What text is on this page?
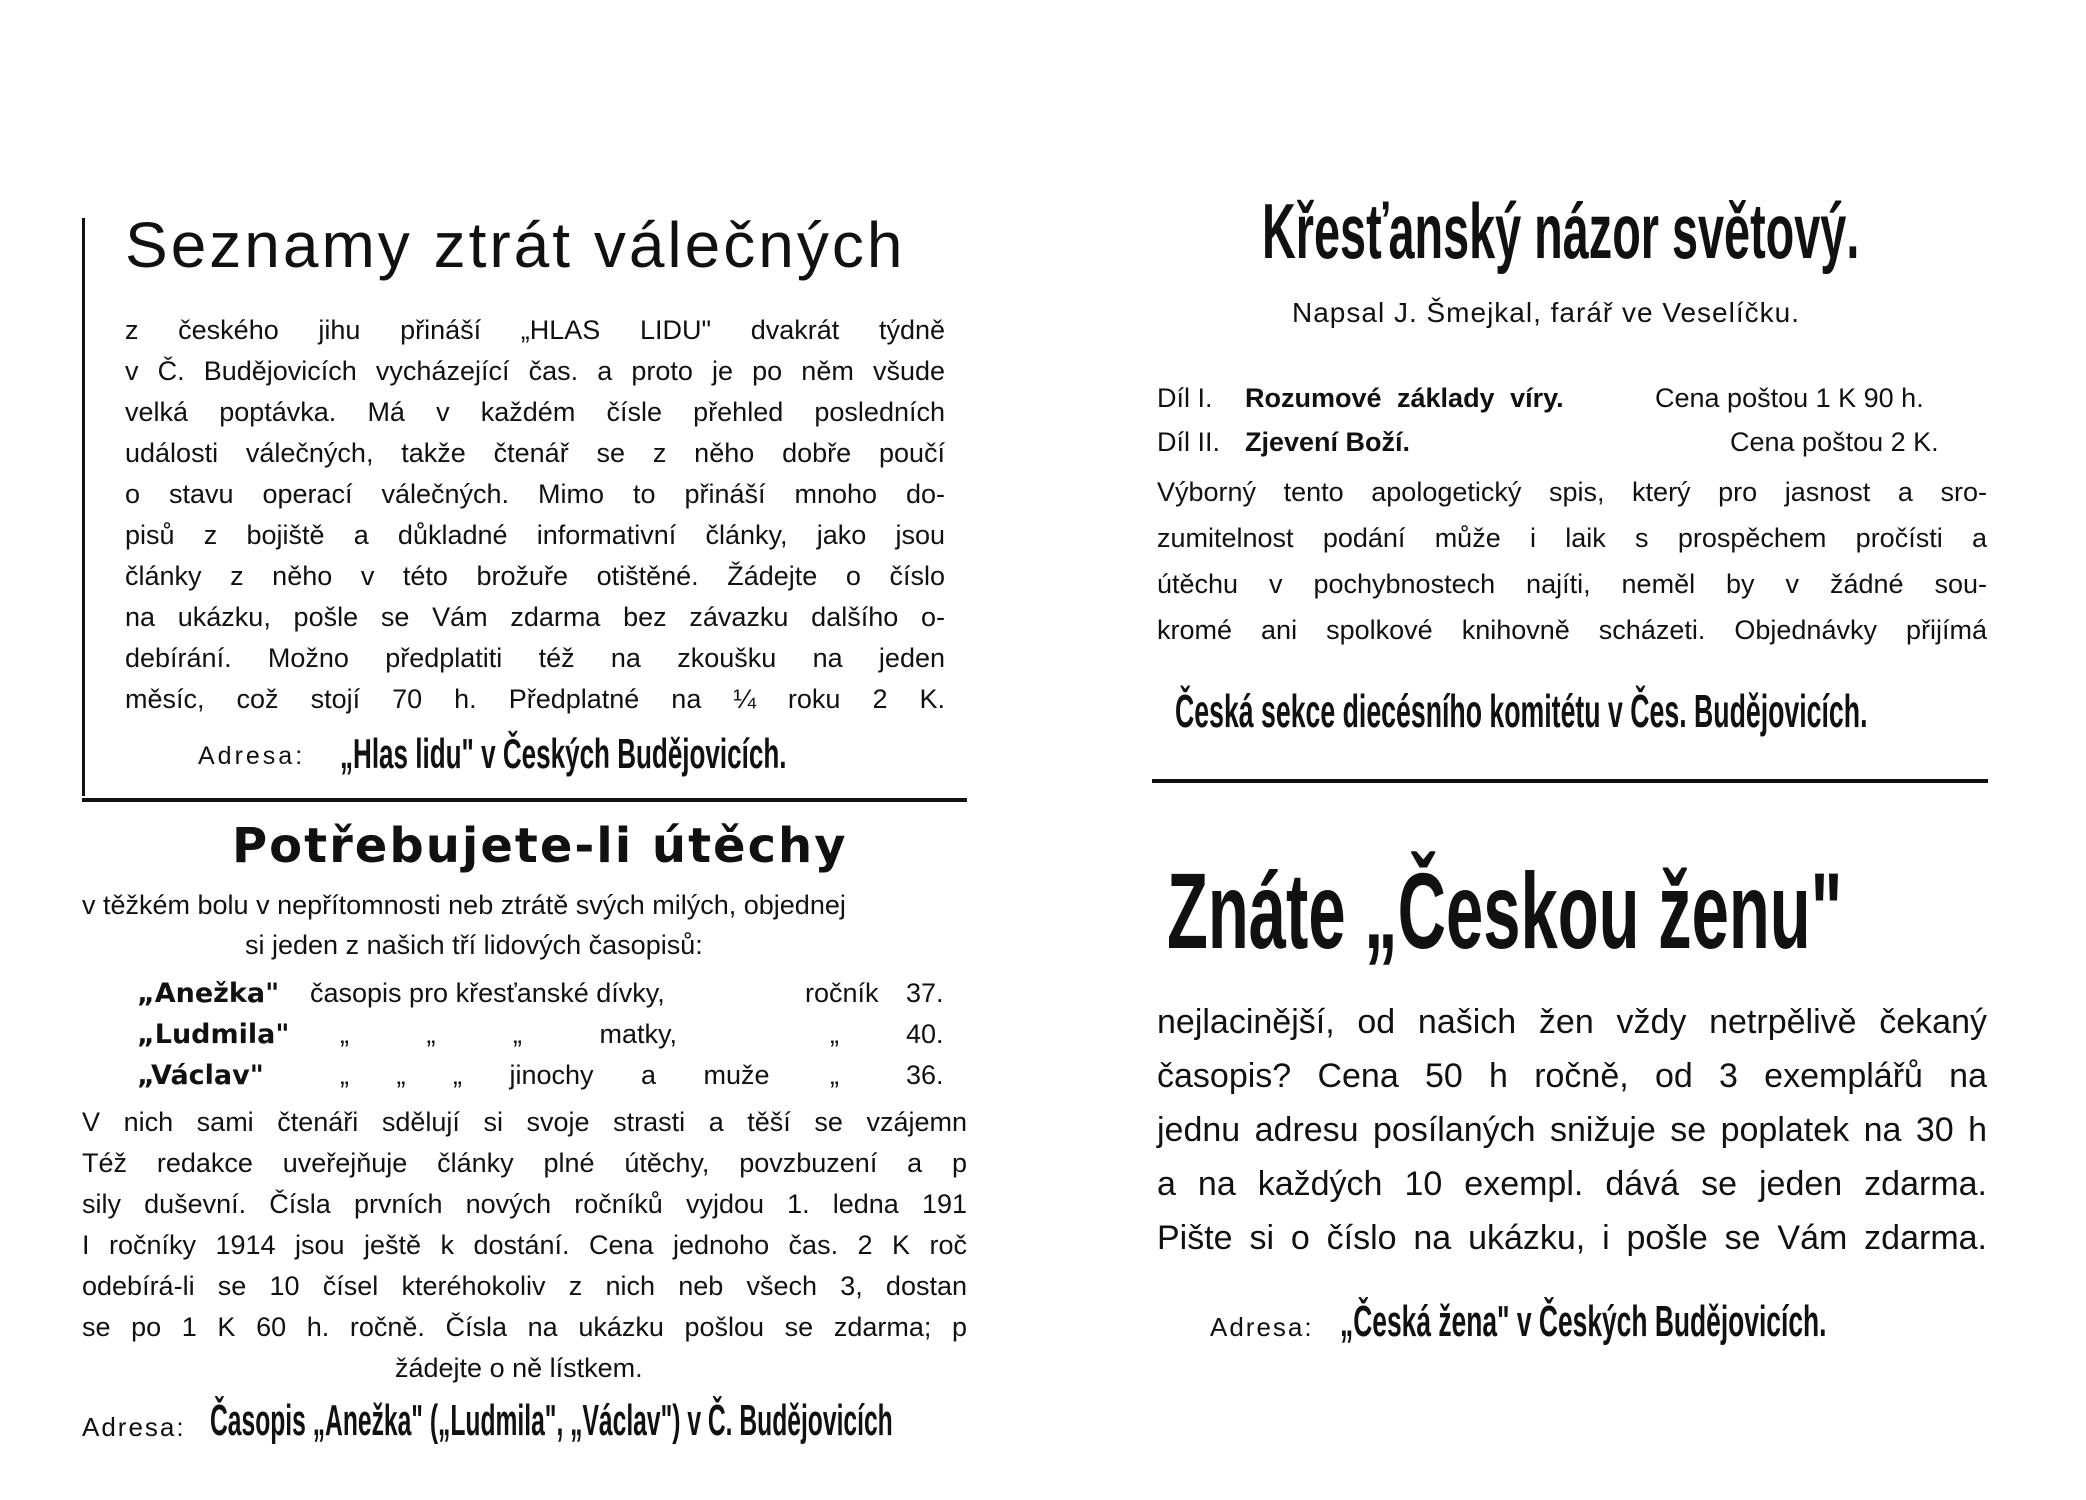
Seznamy ztrát válečných
z českého jihu přináší „HLAS LIDU" dvakrát týdně
v Č. Budějovicích vycházející čas. a proto je po něm všude
velká poptávka. Má v každém čísle přehled posledních
události válečných, takže čtenář se z něho dobře poučí
o stavu operací válečných. Mimo to přináší mnoho do-
pisů z bojiště a důkladné informativní články, jako jsou
články z něho v této brožuře otištěné. Žádejte o číslo
na ukázku, pošle se Vám zdarma bez závazku dalšího o-
debírání. Možno předplatiti též na zkoušku na jeden
měsíc, což stojí 70 h. Předplatné na ¼ roku 2 K.
Adresa: „Hlas lidu" v Českých Budějovicích.
Potřebujete-li útěchy
v těžkém bolu v nepřítomnosti neb ztrátě svých milých, objednej
si jeden z našich tří lidových časopisů:
„Anežka" časopis pro křesťanské dívky,	ročník 37.
„Ludmila" „ „ „ matky,	„ 40.
„Václav"	„ „ „ jinochy a muže „ 36.
V nich sami čtenáři sdělují si svoje strasti a těší se vzájemn
Též redakce uveřejňuje články plné útěchy, povzbuzení a p
sily duševní. Čísla prvních nových ročníků vyjdou 1. ledna 191
I ročníky 1914 jsou ještě k dostání. Cena jednoho čas. 2 K roč
odebírá-li se 10 čísel kteréhokoliv z nich neb všech 3, dostan
se po 1 K 60 h. ročně. Čísla na ukázku pošlou se zdarma; p
žádejte o ně lístkem.
Adresa: Časopis „Anežka" („Ludmila", „Václav") v Č. Budějovicích
Křesťanský názor světový.
Napsal J. Šmejkal, farář ve Veselíčku.
Díl I. Rozumové základy víry.	Cena poštou 1 K 90 h.
Díl II. Zjevení Boží.	Cena poštou 2 K.
Výborný tento apologetický spis, který pro jasnost a sro-
zumitelnost podání může i laik s prospěchem pročísti a
útěchu v pochybnostech najíti, neměl by v žádné sou-
kromé ani spolkové knihovně scházeti. Objednávky přijímá
Česká sekce diecésního komitétu v Čes. Budějovicích.
Znáte „Českou ženu"
nejlacinější, od našich žen vždy netrpělivě čekaný
časopis? Cena 50 h ročně, od 3 exemplářů na
jednu adresu posílaných snižuje se poplatek na 30 h
a na každých 10 exempl. dává se jeden zdarma.
Pište si o číslo na ukázku, i pošle se Vám zdarma.
Adresa: „Česká žena" v Českých Budějovicích.
